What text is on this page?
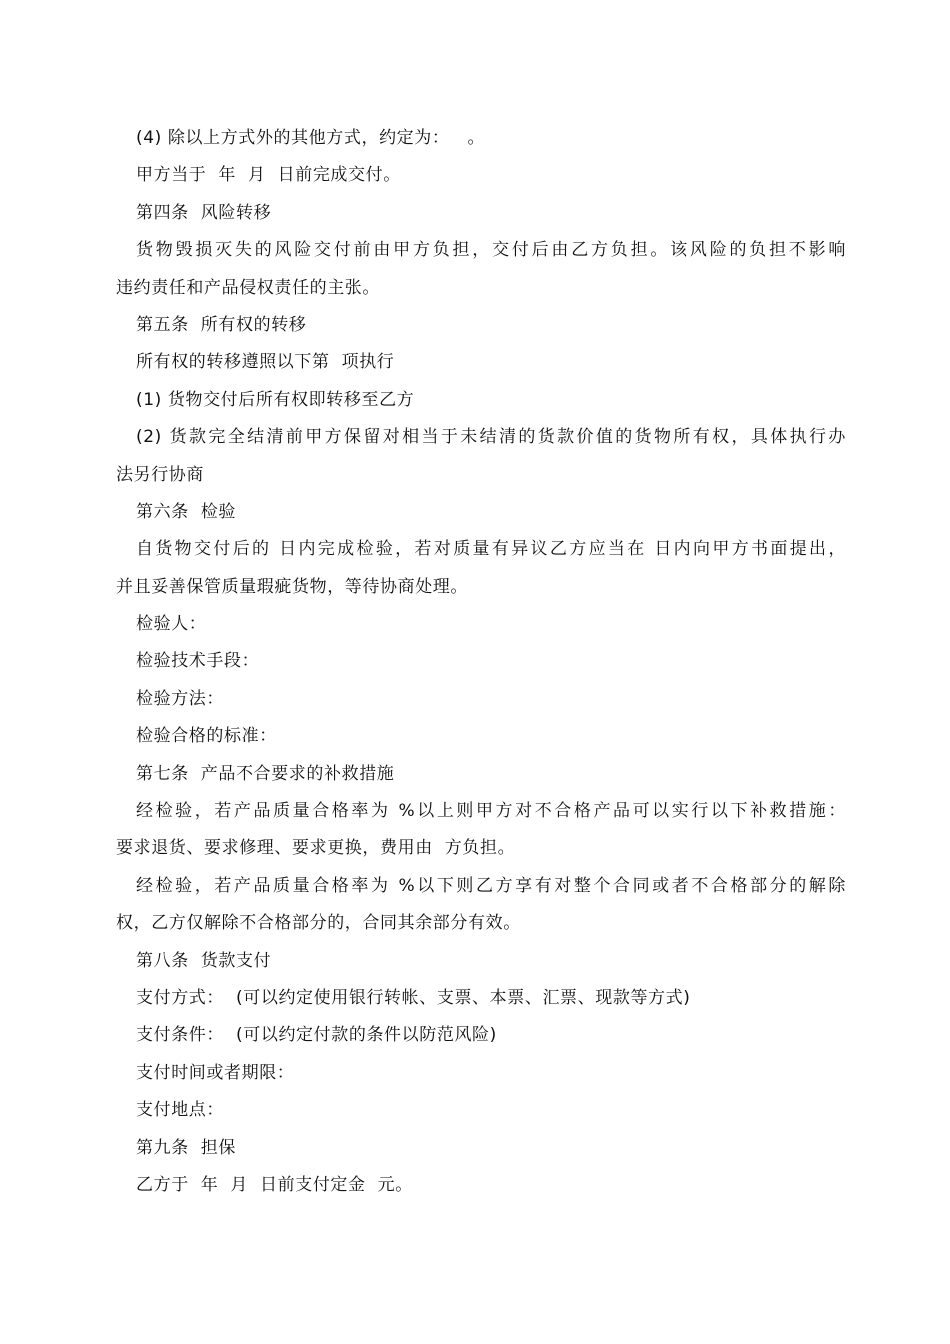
(4) 除以上方式外的其他方式，约定为：   。
甲方当于  年  月  日前完成交付。
第四条  风险转移
货物毁损灭失的风险交付前由甲方负担，交付后由乙方负担。该风险的负担不影响
违约责任和产品侵权责任的主张。
第五条  所有权的转移
所有权的转移遵照以下第  项执行
(1) 货物交付后所有权即转移至乙方
(2) 货款完全结清前甲方保留对相当于未结清的货款价值的货物所有权，具体执行办
法另行协商
第六条  检验
自货物交付后的 日内完成检验，若对质量有异议乙方应当在 日内向甲方书面提出，
并且妥善保管质量瑕疵货物，等待协商处理。
检验人：
检验技术手段：
检验方法：
检验合格的标准：
第七条  产品不合要求的补救措施
经检验，若产品质量合格率为 %以上则甲方对不合格产品可以实行以下补救措施：
要求退货、要求修理、要求更换，费用由  方负担。
经检验，若产品质量合格率为 %以下则乙方享有对整个合同或者不合格部分的解除
权，乙方仅解除不合格部分的，合同其余部分有效。
第八条  货款支付
支付方式：  (可以约定使用银行转帐、支票、本票、汇票、现款等方式)
支付条件：  (可以约定付款的条件以防范风险)
支付时间或者期限：
支付地点：
第九条  担保
乙方于  年  月  日前支付定金  元。
